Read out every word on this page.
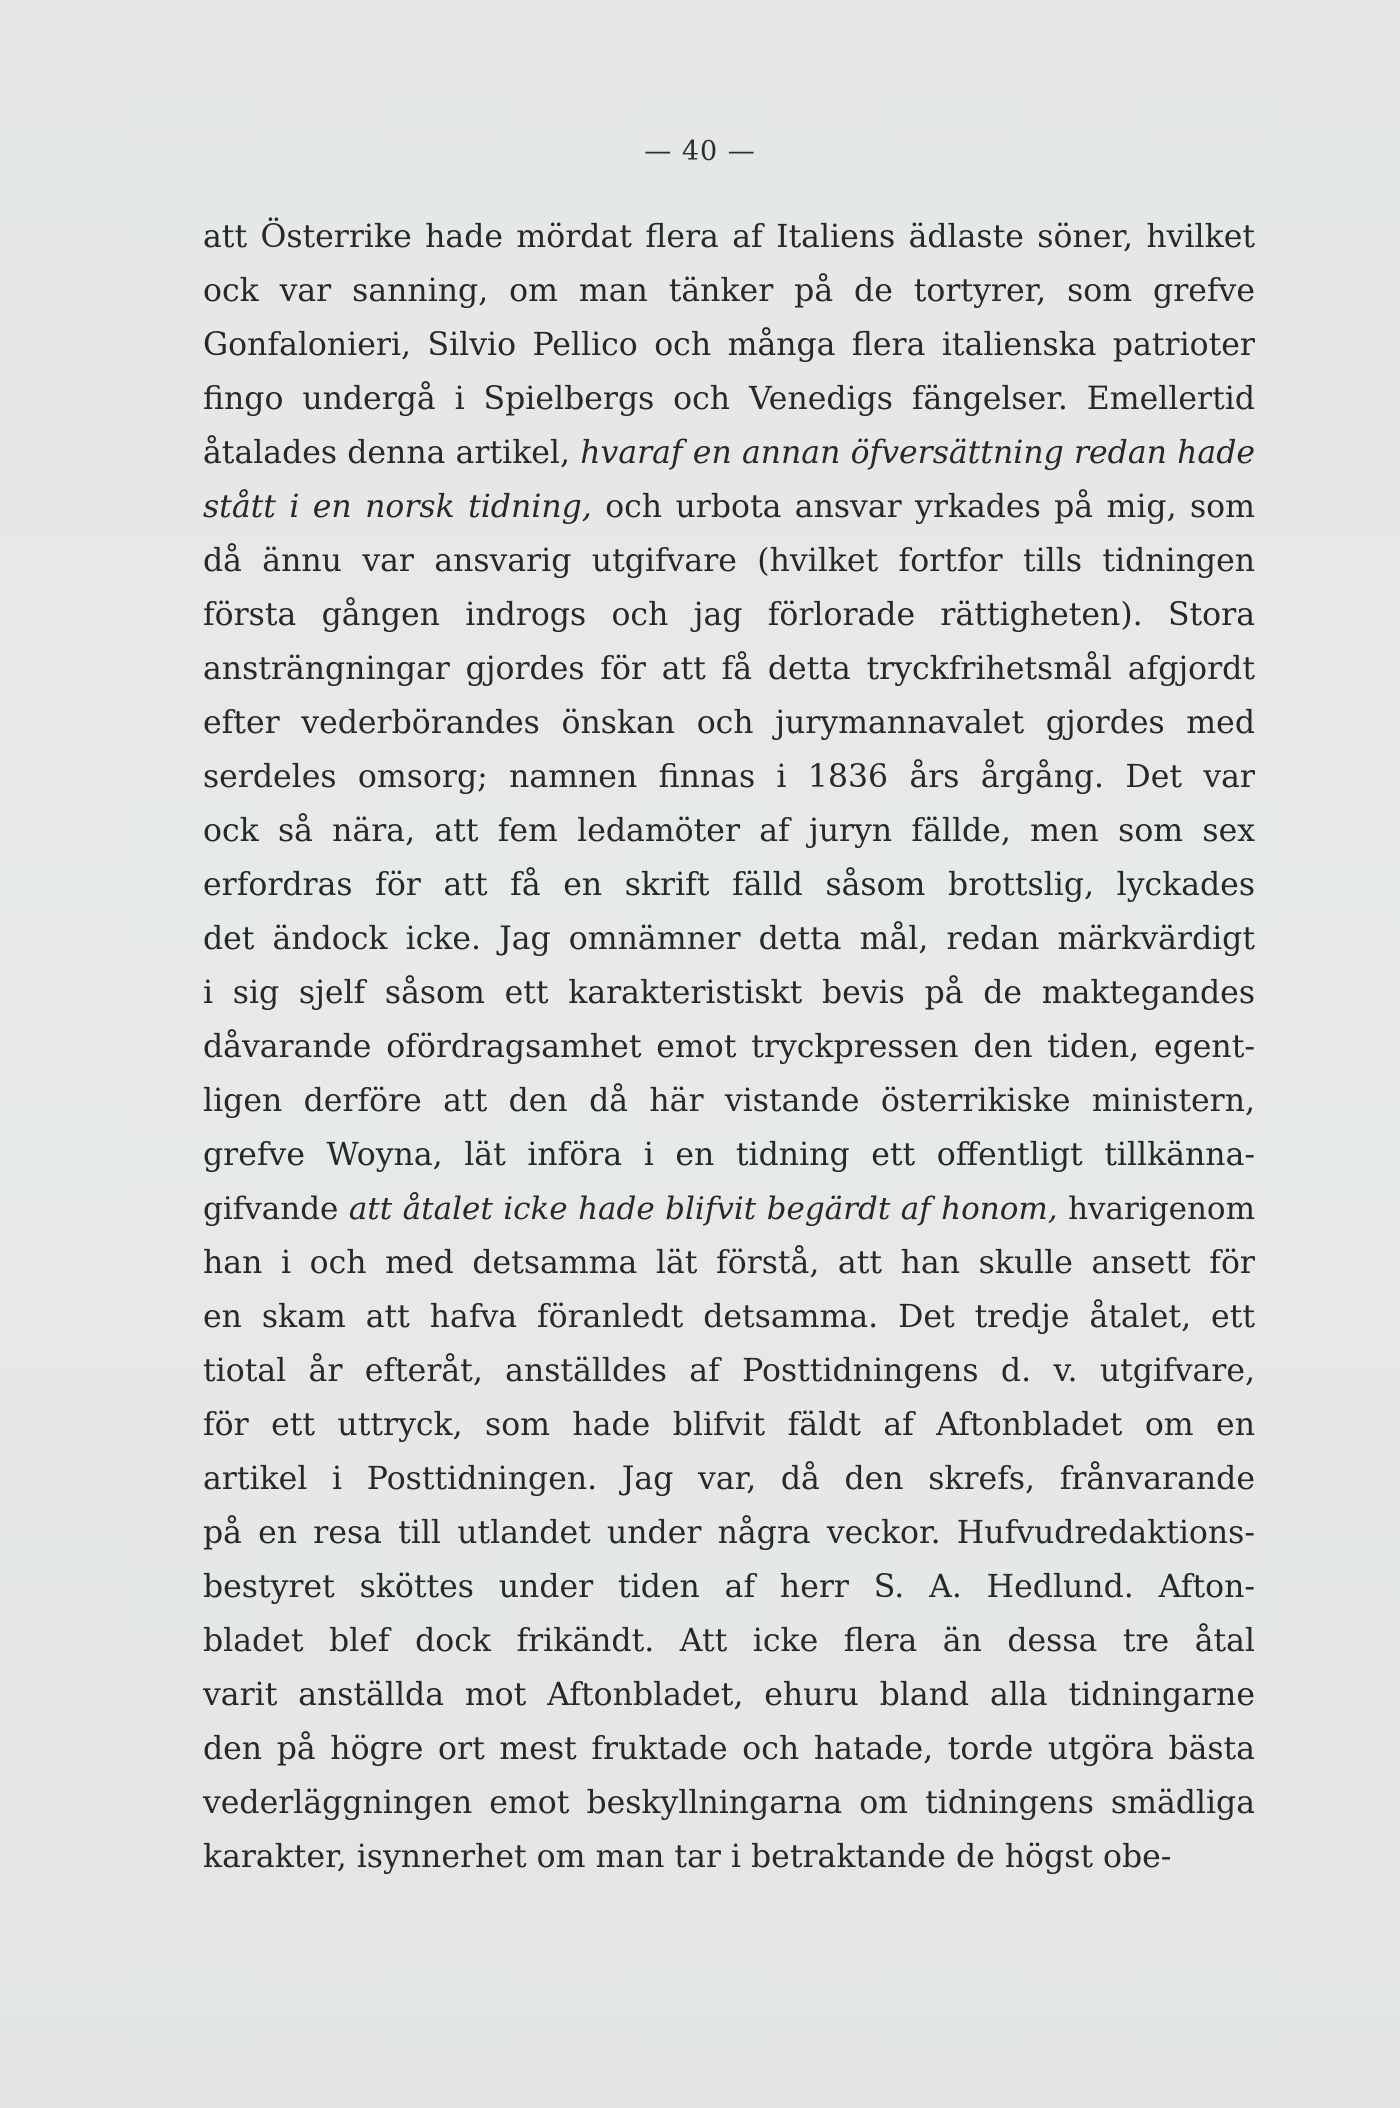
— 40 —
att Österrike hade mördat flera af Italiens ädlaste söner, hvilket
ock var sanning, om man tänker på de tortyrer, som grefve
Gonfalonieri, Silvio Pellico och många flera italienska patrioter
fingo undergå i Spielbergs och Venedigs fängelser. Emellertid
åtalades denna artikel, hvaraf en annan öfversättning redan hade
stått i en norsk tidning, och urbota ansvar yrkades på mig, som
då ännu var ansvarig utgifvare (hvilket fortfor tills tidningen
första gången indrogs och jag förlorade rättigheten). Stora
ansträngningar gjordes för att få detta tryckfrihetsmål afgjordt
efter vederbörandes önskan och jurymannavalet gjordes med
serdeles omsorg; namnen finnas i 1836 års årgång. Det var
ock så nära, att fem ledamöter af juryn fällde, men som sex
erfordras för att få en skrift fälld såsom brottslig, lyckades
det ändock icke. Jag omnämner detta mål, redan märkvärdigt
i sig sjelf såsom ett karakteristiskt bevis på de maktegandes
dåvarande ofördragsamhet emot tryckpressen den tiden, egent-
ligen derföre att den då här vistande österrikiske ministern,
grefve Woyna, lät införa i en tidning ett offentligt tillkänna-
gifvande att åtalet icke hade blifvit begärdt af honom, hvarigenom
han i och med detsamma lät förstå, att han skulle ansett för
en skam att hafva föranledt detsamma. Det tredje åtalet, ett
tiotal år efteråt, anställdes af Posttidningens d. v. utgifvare,
för ett uttryck, som hade blifvit fäldt af Aftonbladet om en
artikel i Posttidningen. Jag var, då den skrefs, frånvarande
på en resa till utlandet under några veckor. Hufvudredaktions-
bestyret sköttes under tiden af herr S. A. Hedlund. Afton-
bladet blef dock frikändt. Att icke flera än dessa tre åtal
varit anställda mot Aftonbladet, ehuru bland alla tidningarne
den på högre ort mest fruktade och hatade, torde utgöra bästa
vederläggningen emot beskyllningarna om tidningens smädliga
karakter, isynnerhet om man tar i betraktande de högst obe-
